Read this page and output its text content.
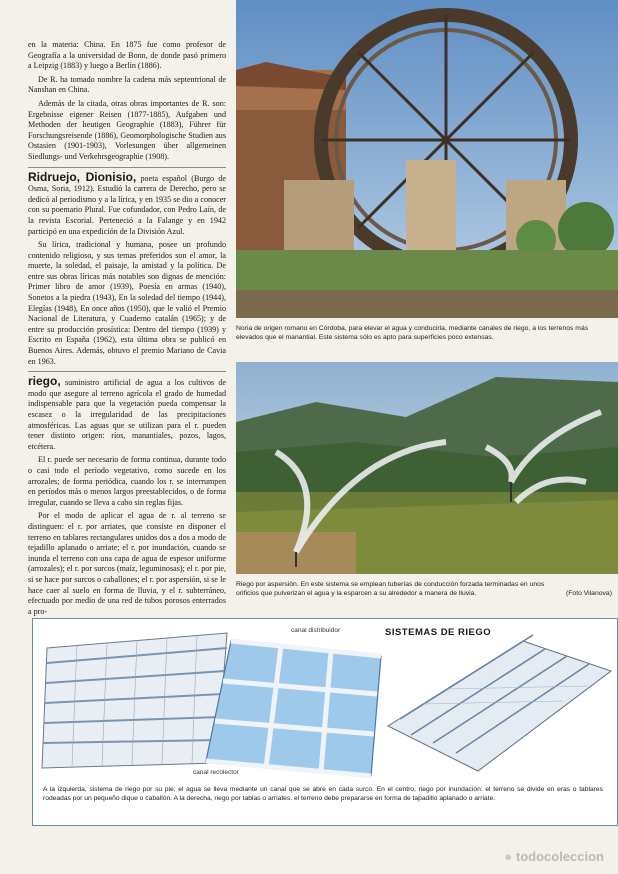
en la materia: China. En 1875 fue como profesor de Geografía a la universidad de Bonn, de donde pasó primero a Leipzig (1883) y luego a Berlín (1886).

De R. ha tomado nombre la cadena más septentrional de Nanshan en China.

Además de la citada, otras obras importantes de R. son: Ergebnisse eigener Reisen (1877-1885), Aufgaben und Methoden der heutigen Geographie (1883), Führer für Forschungsreisende (1886), Geomorphologische Studien aus Ostasien (1901-1903), Vorlesungen über allgemeinen Siedlungs- und Verkehrsgeographie (1908).

Ridruejo, Dionisio, poeta español (Burgo de Osma, Soria, 1912). Estudió la carrera de Derecho, pero se dedicó al periodismo y a la lírica, y en 1935 se dio a conocer con su poemario Plural. Fue cofundador, con Pedro Laín, de la revista Escorial. Perteneció a la Falange y en 1942 participó en una expedición de la División Azul.

Su lírica, tradicional y humana, posee un profundo contenido religioso, y sus temas preferidos son el amor, la muerte, la soledad, el paisaje, la amistad y la política. De entre sus obras líricas más notables son dignas de mención: Primer libro de amor (1939), Poesía en armas (1940), Sonetos a la piedra (1943), En la soledad del tiempo (1944), Elegías (1948), En once años (1950), que le valió el Premio Nacional de Literatura, y Cuaderno catalán (1965); y de entre su producción prosística: Dentro del tiempo (1939) y Escrito en España (1962), esta última obra se publicó en Buenos Aires. Además, obtuvo el premio Mariano de Cavia en 1963.

riego, suministro artificial de agua a los cultivos de modo que asegure al terreno agrícola el grado de humedad indispensable para que la vegetación pueda compensar la escasez o la irregularidad de las precipitaciones atmosféricas. Las aguas que se utilizan para el r. pueden tener distinto origen: ríos, manantiales, pozos, lagos, etcétera.

El r. puede ser necesario de forma continua, durante todo o casi todo el período vegetativo, como sucede en los arrozales; de forma periódica, cuando los r. se interrumpen en períodos más o menos largos preestablecidos, o de forma irregular, cuando se lleva a cabo sin reglas fijas.

Por el modo de aplicar el agua de r. al terreno se distinguen: el r. por arriates, que consiste en disponer el terreno en tablares rectangulares unidos dos a dos a modo de tejadillo aplanado o arriate; el r. por inundación, cuando se inunda el terreno con una capa de agua de espesor uniforme (arrozales); el r. por surcos (maíz, leguminosas); el r. por pie, si se hace por surcos o caballones; el r. por aspersión, si se le hace caer al suelo en forma de lluvia, y el r. subterráneo, efectuado por medio de una red de tubos porosos enterrados a pro-

Noria de origen romano en Córdoba, para elevar el agua y conducirla, mediante canales de riego, a los terrenos más elevados que el manantial. Este sistema sólo es apto para superficies poco extensas.
Riego por aspersión. En este sistema se emplean tuberías de conducción forzada terminadas en unos orificios que pulverizan el agua y la esparcen a su alrededor a manera de lluvia.	(Foto Vilanova)
SISTEMAS DE RIEGO
canal distribuidor
canal recolector
A la izquierda, sistema de riego por su pie; el agua se lleva mediante un canal que se abre en cada surco. En el centro, riego por inundación: el terreno se divide en eras o tablares rodeadas por un pequeño dique o caballón. A la derecha, riego por tablas o arriates. el terreno debe prepararse en forma de tapadillo aplanado o arriate.
● todocoleccion
